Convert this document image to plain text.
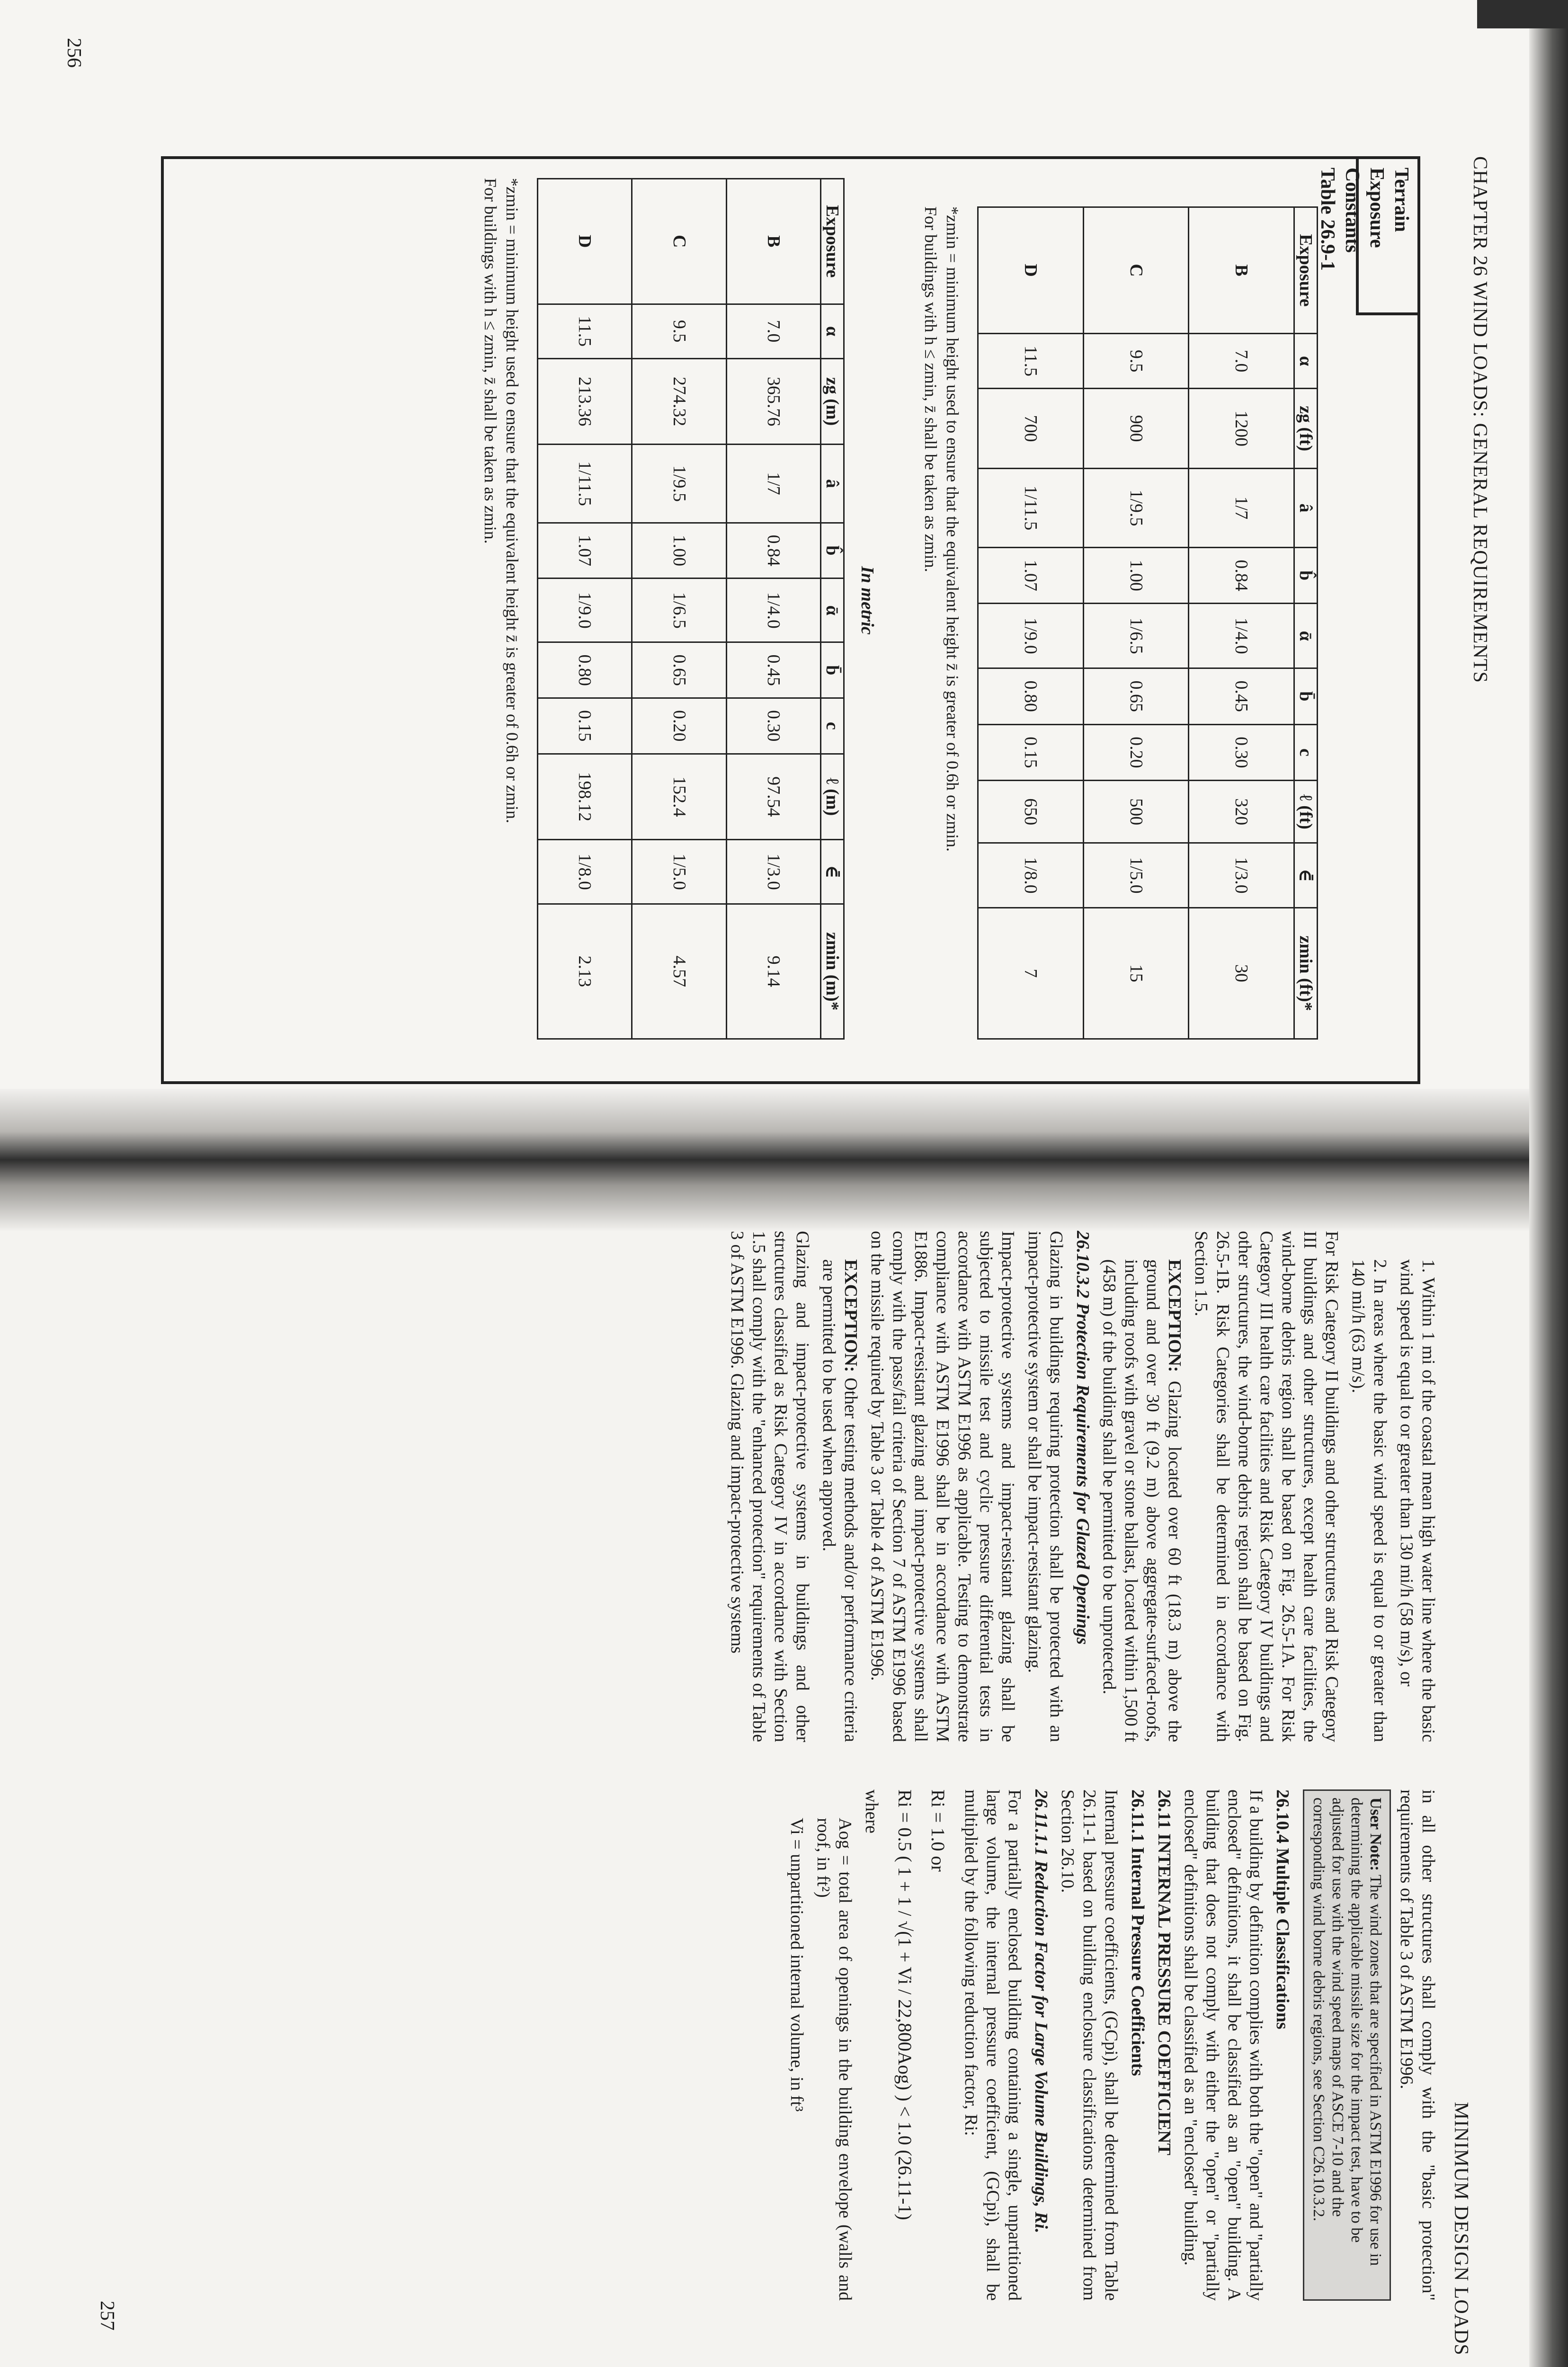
CHAPTER 26 WIND LOADS: GENERAL REQUIREMENTS
256
Terrain Exposure Constants
Table 26.9-1
Exposure	α	zg (ft)	â	b̂	ᾱ	b̄	c	ℓ (ft)	∈̄	zmin (ft)*
B	7.0	1200	1/7	0.84	1/4.0	0.45	0.30	320	1/3.0	30
C	9.5	900	1/9.5	1.00	1/6.5	0.65	0.20	500	1/5.0	15
D	11.5	700	1/11.5	1.07	1/9.0	0.80	0.15	650	1/8.0	7
*zmin = minimum height used to ensure that the equivalent height z̄ is greater of 0.6h or zmin.
For buildings with h ≤ zmin, z̄ shall be taken as zmin.
In metric
Exposure	α	zg (m)	â	b̂	ᾱ	b̄	c	ℓ (m)	∈̄	zmin (m)*
B	7.0	365.76	1/7	0.84	1/4.0	0.45	0.30	97.54	1/3.0	9.14
C	9.5	274.32	1/9.5	1.00	1/6.5	0.65	0.20	152.4	1/5.0	4.57
D	11.5	213.36	1/11.5	1.07	1/9.0	0.80	0.15	198.12	1/8.0	2.13
*zmin = minimum height used to ensure that the equivalent height z̄ is greater of 0.6h or zmin.
For buildings with h ≤ zmin, z̄ shall be taken as zmin.
MINIMUM DESIGN LOADS
257

1. Within 1 mi of the coastal mean high water line where the basic wind speed is equal to or greater than 130 mi/h (58 m/s), or

2. In areas where the basic wind speed is equal to or greater than 140 mi/h (63 m/s).

For Risk Category II buildings and other structures and Risk Category III buildings and other structures, except health care facilities, the wind-borne debris region shall be based on Fig. 26.5-1A. For Risk Category III health care facilities and Risk Category IV buildings and other structures, the wind-borne debris region shall be based on Fig. 26.5-1B. Risk Categories shall be determined in accordance with Section 1.5.

EXCEPTION: Glazing located over 60 ft (18.3 m) above the ground and over 30 ft (9.2 m) above aggregate-surfaced-roofs, including roofs with gravel or stone ballast, located within 1,500 ft (458 m) of the building shall be permitted to be unprotected.

26.10.3.2 Protection Requirements for Glazed Openings

Glazing in buildings requiring protection shall be protected with an impact-protective system or shall be impact-resistant glazing.

Impact-protective systems and impact-resistant glazing shall be subjected to missile test and cyclic pressure differential tests in accordance with ASTM E1996 as applicable. Testing to demonstrate compliance with ASTM E1996 shall be in accordance with ASTM E1886. Impact-resistant glazing and impact-protective systems shall comply with the pass/fail criteria of Section 7 of ASTM E1996 based on the missile required by Table 3 or Table 4 of ASTM E1996.

EXCEPTION: Other testing methods and/or performance criteria are permitted to be used when approved.

Glazing and impact-protective systems in buildings and other structures classified as Risk Category IV in accordance with Section 1.5 shall comply with the "enhanced protection" requirements of Table 3 of ASTM E1996. Glazing and impact-protective systems

in all other structures shall comply with the "basic protection" requirements of Table 3 of ASTM E1996.

User Note: The wind zones that are specified in ASTM E1996 for use in determining the applicable missile size for the impact test, have to be adjusted for use with the wind speed maps of ASCE 7-10 and the corresponding wind borne debris regions, see Section C26.10.3.2.

26.10.4 Multiple Classifications

If a building by definition complies with both the "open" and "partially enclosed" definitions, it shall be classified as an "open" building. A building that does not comply with either the "open" or "partially enclosed" definitions shall be classified as an "enclosed" building.

26.11 INTERNAL PRESSURE COEFFICIENT

26.11.1 Internal Pressure Coefficients

Internal pressure coefficients, (GCpi), shall be determined from Table 26.11-1 based on building enclosure classifications determined from Section 26.10.

26.11.1.1 Reduction Factor for Large Volume Buildings, Ri.

For a partially enclosed building containing a single, unpartitioned large volume, the internal pressure coefficient, (GCpi), shall be multiplied by the following reduction factor, Ri:

Ri = 1.0 or
Ri = 0.5 ( 1 + 1 / √(1 + Vi / 22,800Aog) ) < 1.0 (26.11-1)

where

Aog = total area of openings in the building envelope (walls and roof, in ft²)

Vi = unpartitioned internal volume, in ft³
